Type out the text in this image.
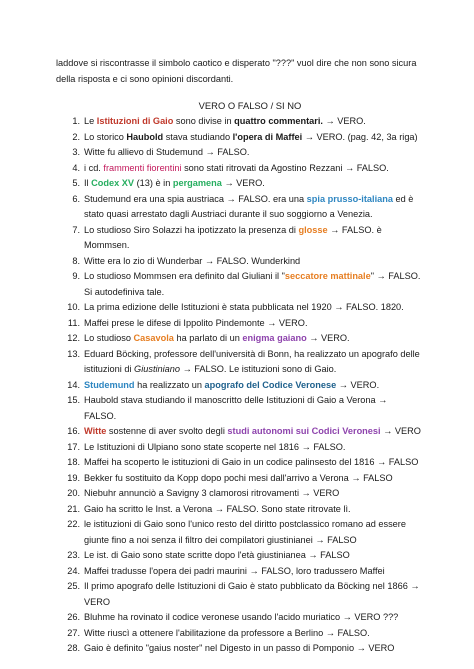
laddove si riscontrasse il simbolo caotico e disperato "???" vuol dire che non sono sicura della risposta e ci sono opinioni discordanti.

VERO O FALSO / SI NO
1. Le Istituzioni di Gaio sono divise in quattro commentari. → VERO.
2. Lo storico Haubold stava studiando l'opera di Maffei → VERO. (pag. 42, 3a riga)
3. Witte fu allievo di Studemund → FALSO.
4. i cd. frammenti fiorentini sono stati ritrovati da Agostino Rezzani → FALSO.
5. Il Codex XV (13) è in pergamena → VERO.
6. Studemund era una spia austriaca → FALSO. era una spia prusso-italiana ed è stato quasi arrestato dagli Austriaci durante il suo soggiorno a Venezia.
7. Lo studioso Siro Solazzi ha ipotizzato la presenza di glosse → FALSO. è Mommsen.
8. Witte era lo zio di Wunderbar → FALSO. Wunderkind
9. Lo studioso Mommsen era definito dal Giuliani il "seccatore mattinale" → FALSO. Si autodefiniva tale.
10. La prima edizione delle Istituzioni è stata pubblicata nel 1920 → FALSO. 1820.
11. Maffei prese le difese di Ippolito Pindemonte → VERO.
12. Lo studioso Casavola ha parlato di un enigma gaiano → VERO.
13. Eduard Böcking, professore dell'università di Bonn, ha realizzato un apografo delle istituzioni di Giustiniano → FALSO. Le istituzioni sono di Gaio.
14. Studemund ha realizzato un apografo del Codice Veronese → VERO.
15. Haubold stava studiando il manoscritto delle Istituzioni di Gaio a Verona → FALSO.
16. Witte sostenne di aver svolto degli studi autonomi sui Codici Veronesi → VERO
17. Le Istituzioni di Ulpiano sono state scoperte nel 1816 → FALSO.
18. Maffei ha scoperto le istituzioni di Gaio in un codice palinsesto del 1816 → FALSO
19. Bekker fu sostituito da Kopp dopo pochi mesi dall'arrivo a Verona → FALSO
20. Niebuhr annunciò a Savigny 3 clamorosi ritrovamenti → VERO
21. Gaio ha scritto le Inst. a Verona → FALSO. Sono state ritrovate lì.
22. le istituzioni di Gaio sono l'unico resto del diritto postclassico romano ad essere giunte fino a noi senza il filtro dei compilatori giustinianei → FALSO
23. Le ist. di Gaio sono state scritte dopo l'età giustinianea → FALSO
24. Maffei tradusse l'opera dei padri maurini → FALSO, loro tradussero Maffei
25. Il primo apografo delle Istituzioni di Gaio è stato pubblicato da Böcking nel 1866 → VERO
26. Bluhme ha rovinato il codice veronese usando l'acido muriatico → VERO ???
27. Witte riuscì a ottenere l'abilitazione da professore a Berlino → FALSO.
28. Gaio è definito "gaius noster" nel Digesto in un passo di Pomponio → VERO
